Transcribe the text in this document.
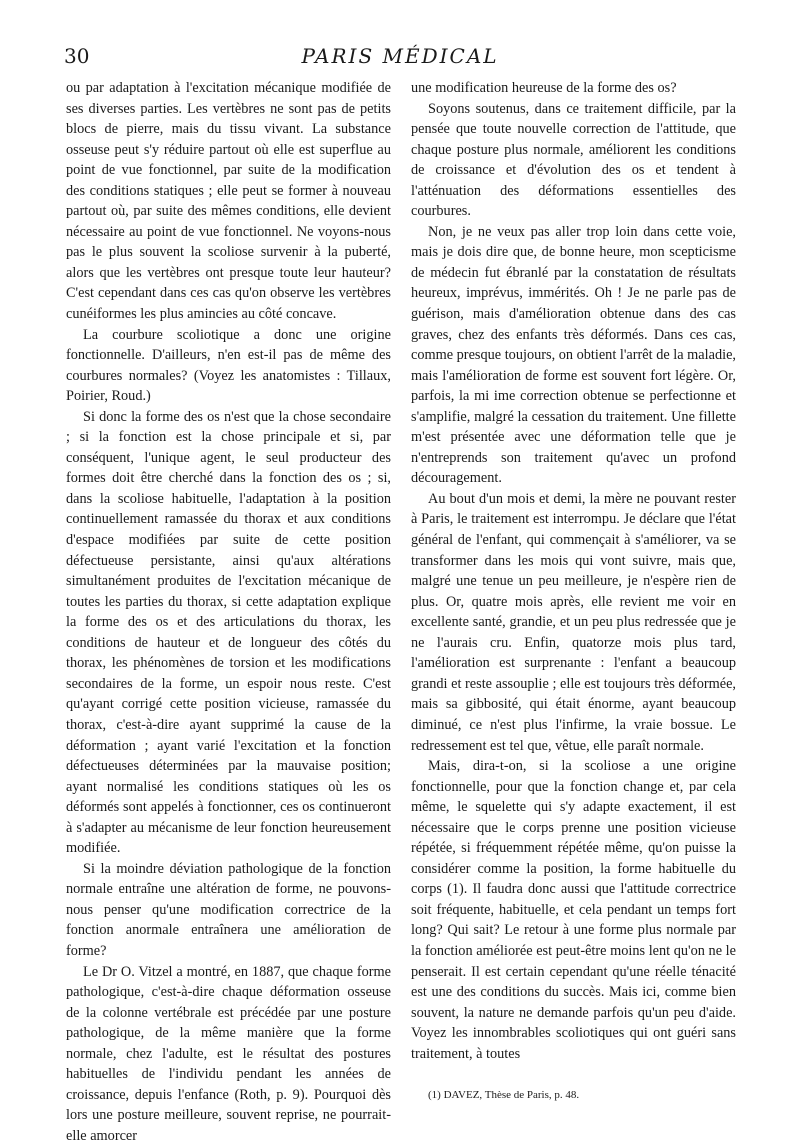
30	PARIS MÉDICAL

ou par adaptation à l'excitation mécanique modifiée de ses diverses parties. Les vertèbres ne sont pas de petits blocs de pierre, mais du tissu vivant. La substance osseuse peut s'y réduire partout où elle est superflue au point de vue fonctionnel, par suite de la modification des conditions statiques ; elle peut se former à nouveau partout où, par suite des mêmes conditions, elle devient nécessaire au point de vue fonctionnel. Ne voyons-nous pas le plus souvent la scoliose survenir à la puberté, alors que les vertèbres ont presque toute leur hauteur? C'est cependant dans ces cas qu'on observe les vertèbres cunéiformes les plus amincies au côté concave.

La courbure scoliotique a donc une origine fonctionnelle. D'ailleurs, n'en est-il pas de même des courbures normales? (Voyez les anatomistes : Tillaux, Poirier, Roud.)

Si donc la forme des os n'est que la chose secondaire ; si la fonction est la chose principale et si, par conséquent, l'unique agent, le seul producteur des formes doit être cherché dans la fonction des os ; si, dans la scoliose habituelle, l'adaptation à la position continuellement ramassée du thorax et aux conditions d'espace modifiées par suite de cette position défectueuse persistante, ainsi qu'aux altérations simultanément produites de l'excitation mécanique de toutes les parties du thorax, si cette adaptation explique la forme des os et des articulations du thorax, les conditions de hauteur et de longueur des côtés du thorax, les phénomènes de torsion et les modifications secondaires de la forme, un espoir nous reste. C'est qu'ayant corrigé cette position vicieuse, ramassée du thorax, c'est-à-dire ayant supprimé la cause de la déformation ; ayant varié l'excitation et la fonction défectueuses déterminées par la mauvaise position; ayant normalisé les conditions statiques où les os déformés sont appelés à fonctionner, ces os continueront à s'adapter au mécanisme de leur fonction heureusement modifiée.

Si la moindre déviation pathologique de la fonction normale entraîne une altération de forme, ne pouvons-nous penser qu'une modification correctrice de la fonction anormale entraînera une amélioration de forme?

Le Dr O. Vitzel a montré, en 1887, que chaque forme pathologique, c'est-à-dire chaque déformation osseuse de la colonne vertébrale est précédée par une posture pathologique, de la même manière que la forme normale, chez l'adulte, est le résultat des postures habituelles de l'individu pendant les années de croissance, depuis l'enfance (Roth, p. 9). Pourquoi dès lors une posture meilleure, souvent reprise, ne pourrait-elle amorcer

une modification heureuse de la forme des os?

Soyons soutenus, dans ce traitement difficile, par la pensée que toute nouvelle correction de l'attitude, que chaque posture plus normale, améliorent les conditions de croissance et d'évolution des os et tendent à l'atténuation des déformations essentielles des courbures.

Non, je ne veux pas aller trop loin dans cette voie, mais je dois dire que, de bonne heure, mon scepticisme de médecin fut ébranlé par la constatation de résultats heureux, imprévus, immérités. Oh ! Je ne parle pas de guérison, mais d'amélioration obtenue dans des cas graves, chez des enfants très déformés. Dans ces cas, comme presque toujours, on obtient l'arrêt de la maladie, mais l'amélioration de forme est souvent fort légère. Or, parfois, la mi ime correction obtenue se perfectionne et s'amplifie, malgré la cessation du traitement. Une fillette m'est présentée avec une déformation telle que je n'entreprends son traitement qu'avec un profond découragement.

Au bout d'un mois et demi, la mère ne pouvant rester à Paris, le traitement est interrompu. Je déclare que l'état général de l'enfant, qui commençait à s'améliorer, va se transformer dans les mois qui vont suivre, mais que, malgré une tenue un peu meilleure, je n'espère rien de plus. Or, quatre mois après, elle revient me voir en excellente santé, grandie, et un peu plus redressée que je ne l'aurais cru. Enfin, quatorze mois plus tard, l'amélioration est surprenante : l'enfant a beaucoup grandi et reste assouplie ; elle est toujours très déformée, mais sa gibbosité, qui était énorme, ayant beaucoup diminué, ce n'est plus l'infirme, la vraie bossue. Le redressement est tel que, vêtue, elle paraît normale.

Mais, dira-t-on, si la scoliose a une origine fonctionnelle, pour que la fonction change et, par cela même, le squelette qui s'y adapte exactement, il est nécessaire que le corps prenne une position vicieuse répétée, si fréquemment répétée même, qu'on puisse la considérer comme la position, la forme habituelle du corps (1). Il faudra donc aussi que l'attitude correctrice soit fréquente, habituelle, et cela pendant un temps fort long? Qui sait? Le retour à une forme plus normale par la fonction améliorée est peut-être moins lent qu'on ne le penserait. Il est certain cependant qu'une réelle ténacité est une des conditions du succès. Mais ici, comme bien souvent, la nature ne demande parfois qu'un peu d'aide. Voyez les innombrables scoliotiques qui ont guéri sans traitement, à toutes

(1) DAVEZ, Thèse de Paris, p. 48.
